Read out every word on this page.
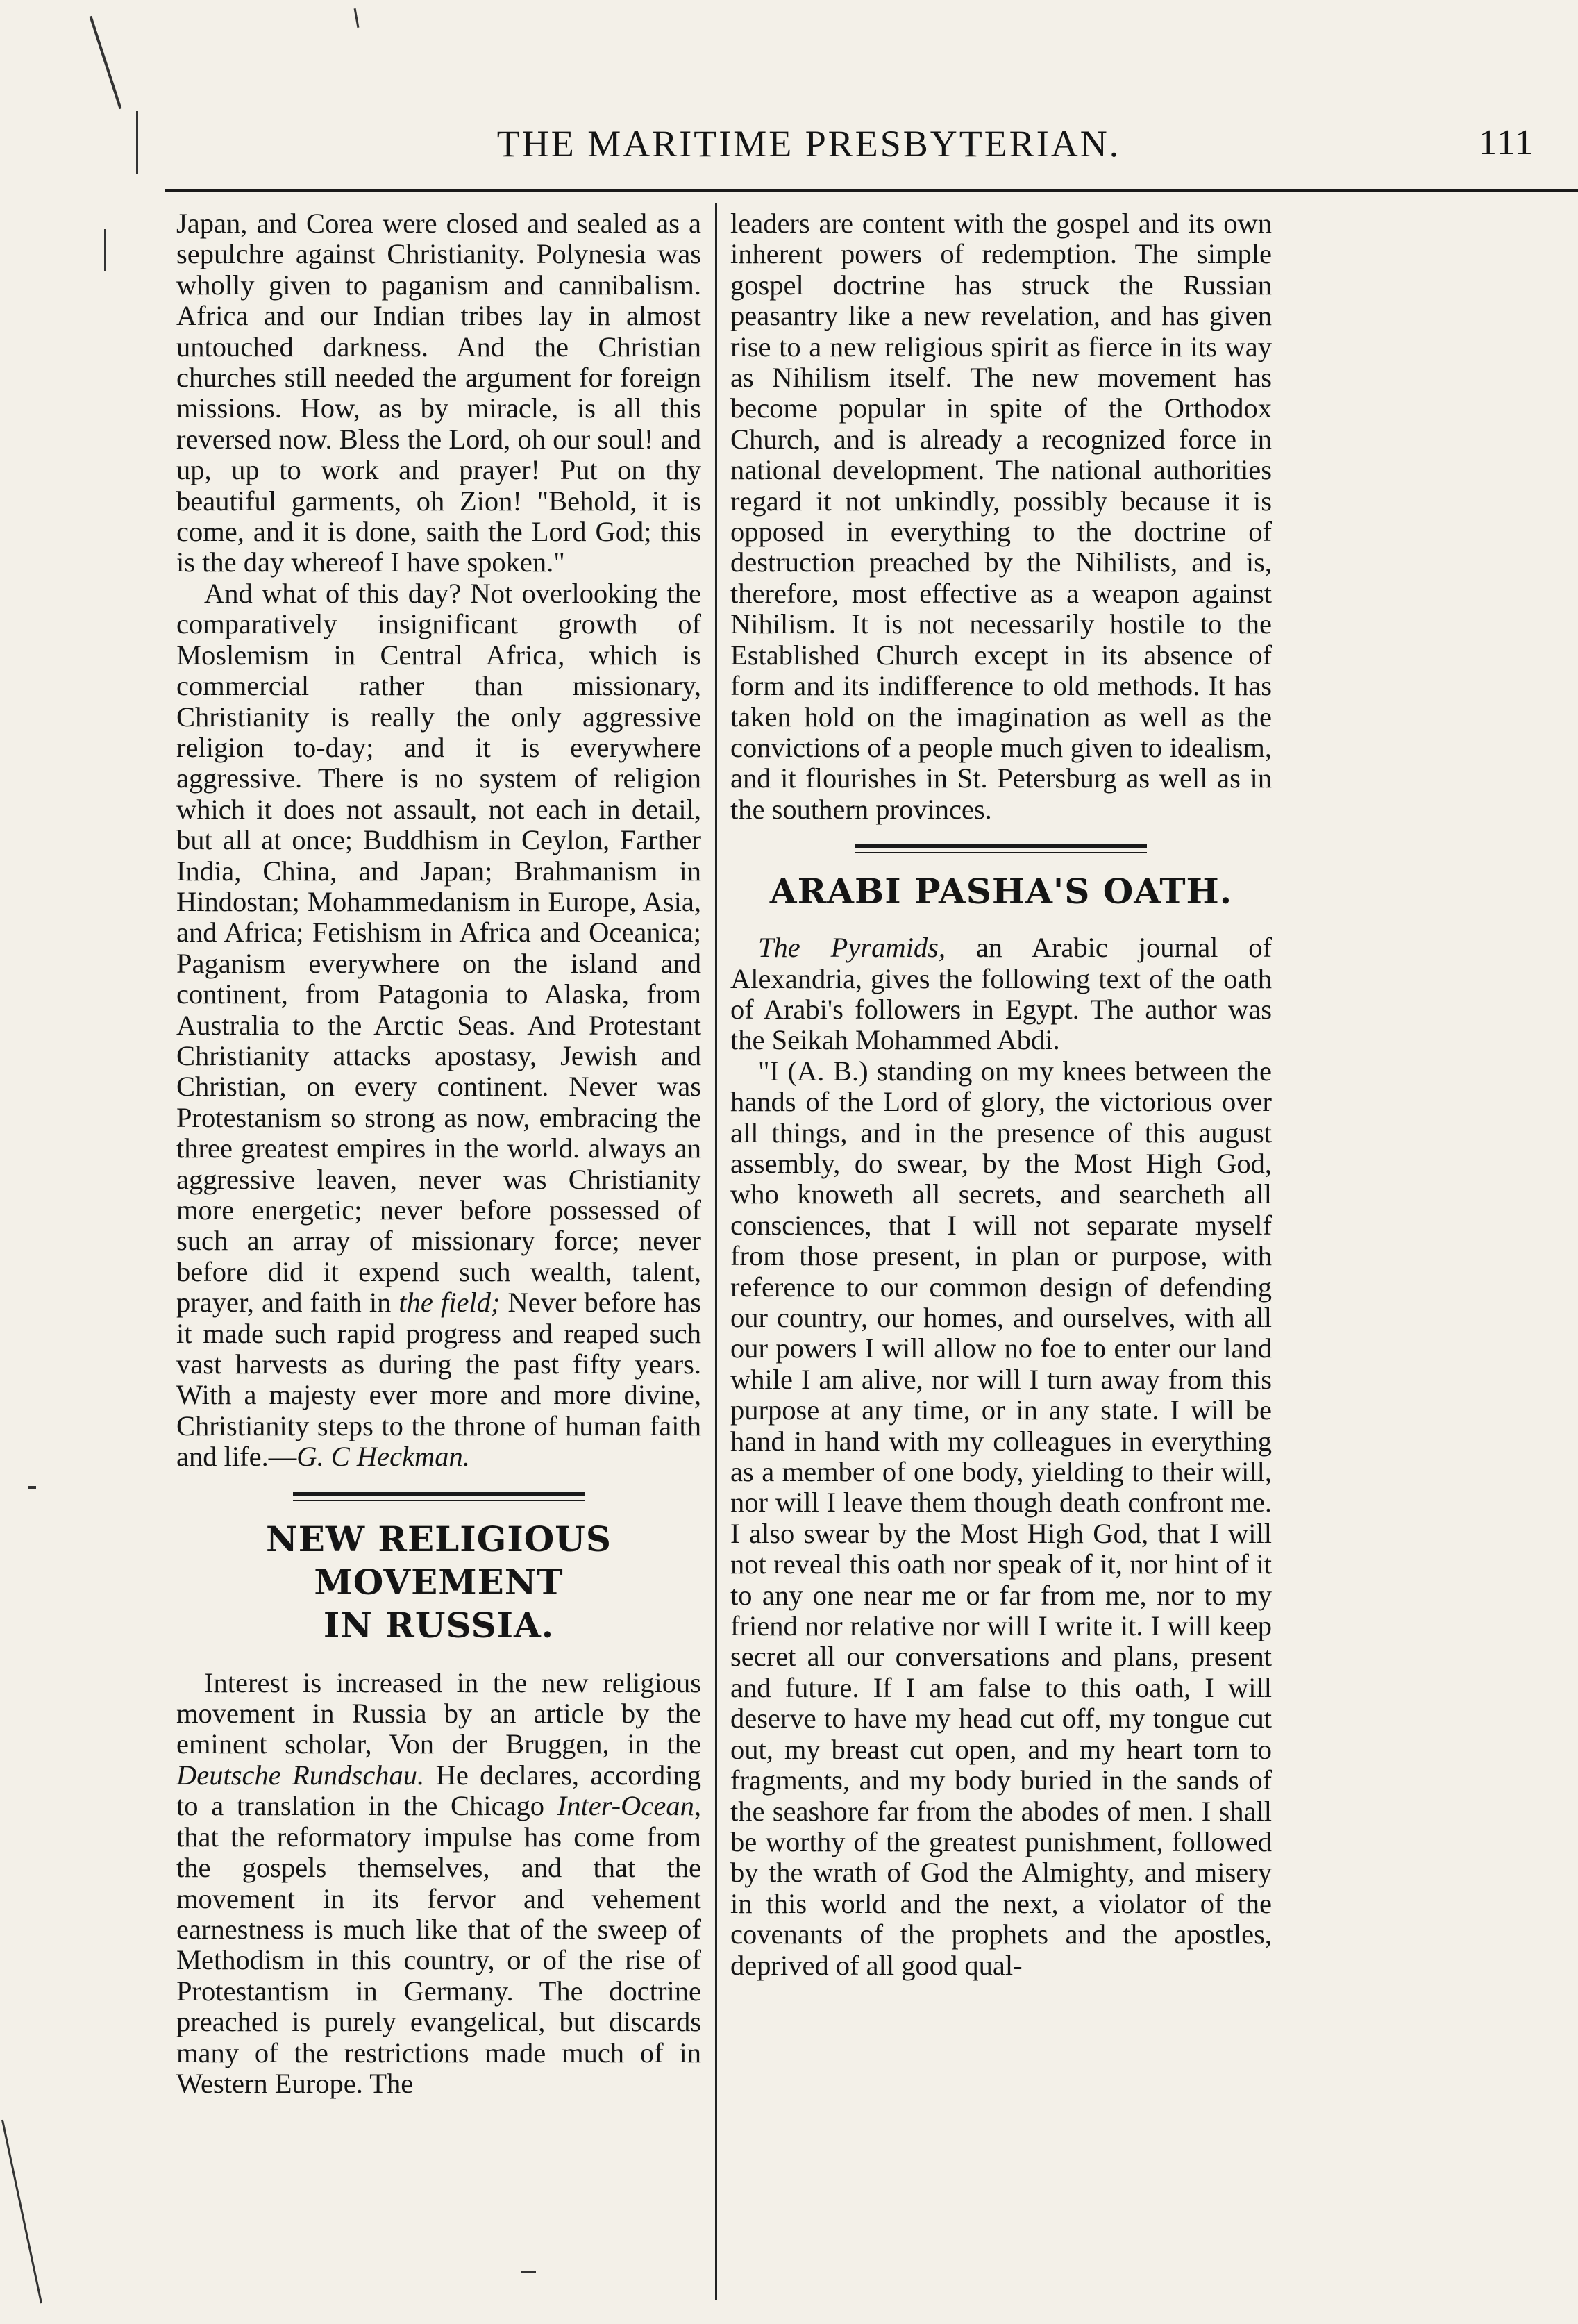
THE MARITIME PRESBYTERIAN.	111

Japan, and Corea were closed and sealed as a sepulchre against Christianity. Polynesia was wholly given to paganism and cannibalism. Africa and our Indian tribes lay in almost untouched darkness. And the Christian churches still needed the argument for foreign missions. How, as by miracle, is all this reversed now. Bless the Lord, oh our soul! and up, up to work and prayer! Put on thy beautiful garments, oh Zion! "Behold, it is come, and it is done, saith the Lord God; this is the day whereof I have spoken."

And what of this day? Not overlooking the comparatively insignificant growth of Moslemism in Central Africa, which is commercial rather than missionary, Christianity is really the only aggressive religion to-day; and it is everywhere aggressive. There is no system of religion which it does not assault, not each in detail, but all at once; Buddhism in Ceylon, Farther India, China, and Japan; Brahmanism in Hindostan; Mohammedanism in Europe, Asia, and Africa; Fetishism in Africa and Oceanica; Paganism everywhere on the island and continent, from Patagonia to Alaska, from Australia to the Arctic Seas. And Protestant Christianity attacks apostasy, Jewish and Christian, on every continent. Never was Protestanism so strong as now, embracing the three greatest empires in the world. always an aggressive leaven, never was Christianity more energetic; never before possessed of such an array of missionary force; never before did it expend such wealth, talent, prayer, and faith in the field; Never before has it made such rapid progress and reaped such vast harvests as during the past fifty years. With a majesty ever more and more divine, Christianity steps to the throne of human faith and life.—G. C Heckman.

NEW RELIGIOUS MOVEMENT
IN RUSSIA.

Interest is increased in the new religious movement in Russia by an article by the eminent scholar, Von der Bruggen, in the Deutsche Rundschau. He declares, according to a translation in the Chicago Inter-Ocean, that the reformatory impulse has come from the gospels themselves, and that the movement in its fervor and vehement earnestness is much like that of the sweep of Methodism in this country, or of the rise of Protestantism in Germany. The doctrine preached is purely evangelical, but discards many of the restrictions made much of in Western Europe. The

leaders are content with the gospel and its own inherent powers of redemption. The simple gospel doctrine has struck the Russian peasantry like a new revelation, and has given rise to a new religious spirit as fierce in its way as Nihilism itself. The new movement has become popular in spite of the Orthodox Church, and is already a recognized force in national development. The national authorities regard it not unkindly, possibly because it is opposed in everything to the doctrine of destruction preached by the Nihilists, and is, therefore, most effective as a weapon against Nihilism. It is not necessarily hostile to the Established Church except in its absence of form and its indifference to old methods. It has taken hold on the imagination as well as the convictions of a people much given to idealism, and it flourishes in St. Petersburg as well as in the southern provinces.

ARABI PASHA'S OATH.

The Pyramids, an Arabic journal of Alexandria, gives the following text of the oath of Arabi's followers in Egypt. The author was the Seikah Mohammed Abdi.

"I (A. B.) standing on my knees between the hands of the Lord of glory, the victorious over all things, and in the presence of this august assembly, do swear, by the Most High God, who knoweth all secrets, and searcheth all consciences, that I will not separate myself from those present, in plan or purpose, with reference to our common design of defending our country, our homes, and ourselves, with all our powers I will allow no foe to enter our land while I am alive, nor will I turn away from this purpose at any time, or in any state. I will be hand in hand with my colleagues in everything as a member of one body, yielding to their will, nor will I leave them though death confront me. I also swear by the Most High God, that I will not reveal this oath nor speak of it, nor hint of it to any one near me or far from me, nor to my friend nor relative nor will I write it. I will keep secret all our conversations and plans, present and future. If I am false to this oath, I will deserve to have my head cut off, my tongue cut out, my breast cut open, and my heart torn to fragments, and my body buried in the sands of the seashore far from the abodes of men. I shall be worthy of the greatest punishment, followed by the wrath of God the Almighty, and misery in this world and the next, a violator of the covenants of the prophets and the apostles, deprived of all good qual-
